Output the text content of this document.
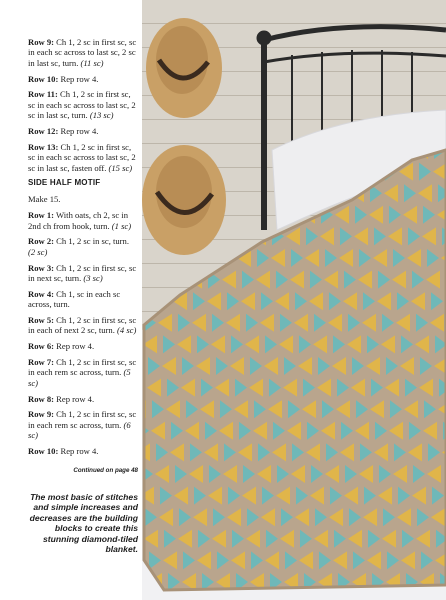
Row 9: Ch 1, 2 sc in first sc, sc in each sc across to last sc, 2 sc in last sc, turn. (11 sc)
Row 10: Rep row 4.
Row 11: Ch 1, 2 sc in first sc, sc in each sc across to last sc, 2 sc in last sc, turn. (13 sc)
Row 12: Rep row 4.
Row 13: Ch 1, 2 sc in first sc, sc in each sc across to last sc, 2 sc in last sc, fasten off. (15 sc)
SIDE HALF MOTIF
Make 15.
Row 1: With oats, ch 2, sc in 2nd ch from hook, turn. (1 sc)
Row 2: Ch 1, 2 sc in sc, turn. (2 sc)
Row 3: Ch 1, 2 sc in first sc, sc in next sc, turn. (3 sc)
Row 4: Ch 1, sc in each sc across, turn.
Row 5: Ch 1, 2 sc in first sc, sc in each of next 2 sc, turn. (4 sc)
Row 6: Rep row 4.
Row 7: Ch 1, 2 sc in first sc, sc in each rem sc across, turn. (5 sc)
Row 8: Rep row 4.
Row 9: Ch 1, 2 sc in first sc, sc in each rem sc across, turn. (6 sc)
Row 10: Rep row 4.
Continued on page 48
The most basic of stitches and simple increases and decreases are the building blocks to create this stunning diamond-tiled blanket.
